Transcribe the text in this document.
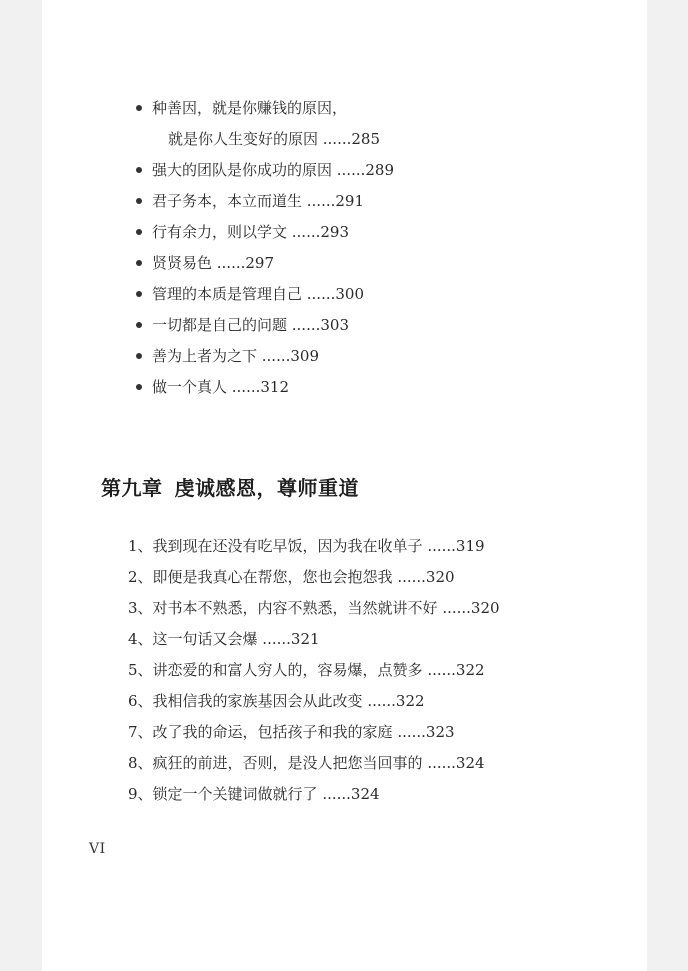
种善因，就是你赚钱的原因，
就是你人生变好的原因 ......285
强大的团队是你成功的原因 ......289
君子务本，本立而道生 ......291
行有余力，则以学文 ......293
贤贤易色 ......297
管理的本质是管理自己 ......300
一切都是自己的问题 ......303
善为上者为之下 ......309
做一个真人 ......312
第九章 虔诚感恩，尊师重道
1、我到现在还没有吃早饭，因为我在收单子 ......319
2、即便是我真心在帮您，您也会抱怨我 ......320
3、对书本不熟悉，内容不熟悉，当然就讲不好 ......320
4、这一句话又会爆 ......321
5、讲恋爱的和富人穷人的，容易爆，点赞多 ......322
6、我相信我的家族基因会从此改变 ......322
7、改了我的命运，包括孩子和我的家庭 ......323
8、疯狂的前进，否则，是没人把您当回事的 ......324
9、锁定一个关键词做就行了 ......324
VI
